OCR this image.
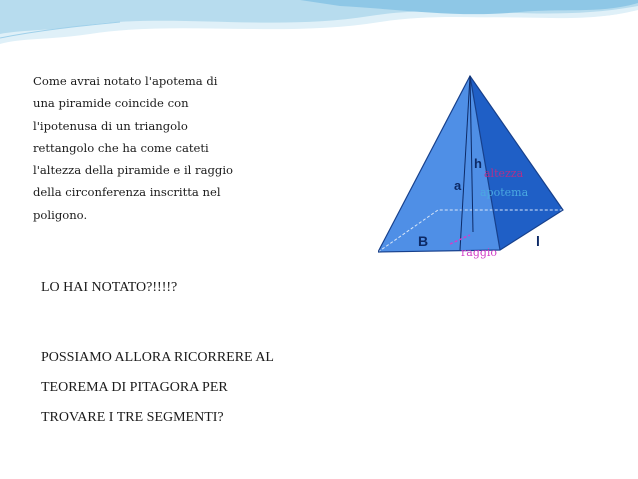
Come avrai notato l'apotema di
una piramide coincide con
l'ipotenusa di un triangolo
rettangolo che ha come cateti
l'altezza della piramide e il raggio
della circonferenza inscritta nel
poligono.
LO HAI NOTATO?!!!!?
POSSIAMO ALLORA RICORRERE AL
TEOREMA DI PITAGORA PER
TROVARE I TRE SEGMENTI?
h
a
altezza
apotema
raggio
B	l
